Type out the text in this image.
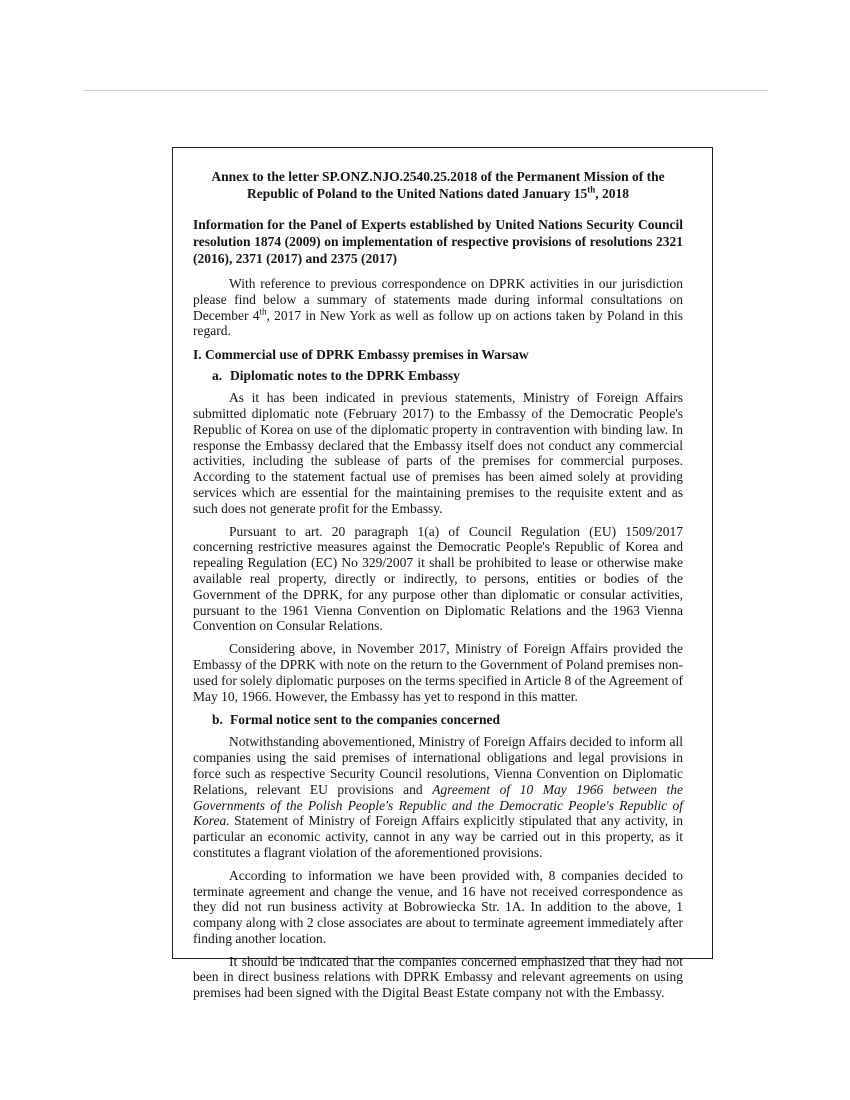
Annex to the letter SP.ONZ.NJO.2540.25.2018 of the Permanent Mission of the Republic of Poland to the United Nations dated January 15th, 2018
Information for the Panel of Experts established by United Nations Security Council resolution 1874 (2009) on implementation of respective provisions of resolutions 2321 (2016), 2371 (2017) and 2375 (2017)

With reference to previous correspondence on DPRK activities in our jurisdiction please find below a summary of statements made during informal consultations on December 4th, 2017 in New York as well as follow up on actions taken by Poland in this regard.

I. Commercial use of DPRK Embassy premises in Warsaw
a. Diplomatic notes to the DPRK Embassy

As it has been indicated in previous statements, Ministry of Foreign Affairs submitted diplomatic note (February 2017) to the Embassy of the Democratic People's Republic of Korea on use of the diplomatic property in contravention with binding law. In response the Embassy declared that the Embassy itself does not conduct any commercial activities, including the sublease of parts of the premises for commercial purposes. According to the statement factual use of premises has been aimed solely at providing services which are essential for the maintaining premises to the requisite extent and as such does not generate profit for the Embassy.

Pursuant to art. 20 paragraph 1(a) of Council Regulation (EU) 1509/2017 concerning restrictive measures against the Democratic People's Republic of Korea and repealing Regulation (EC) No 329/2007 it shall be prohibited to lease or otherwise make available real property, directly or indirectly, to persons, entities or bodies of the Government of the DPRK, for any purpose other than diplomatic or consular activities, pursuant to the 1961 Vienna Convention on Diplomatic Relations and the 1963 Vienna Convention on Consular Relations.

Considering above, in November 2017, Ministry of Foreign Affairs provided the Embassy of the DPRK with note on the return to the Government of Poland premises non-used for solely diplomatic purposes on the terms specified in Article 8 of the Agreement of May 10, 1966. However, the Embassy has yet to respond in this matter.

b. Formal notice sent to the companies concerned

Notwithstanding abovementioned, Ministry of Foreign Affairs decided to inform all companies using the said premises of international obligations and legal provisions in force such as respective Security Council resolutions, Vienna Convention on Diplomatic Relations, relevant EU provisions and Agreement of 10 May 1966 between the Governments of the Polish People's Republic and the Democratic People's Republic of Korea. Statement of Ministry of Foreign Affairs explicitly stipulated that any activity, in particular an economic activity, cannot in any way be carried out in this property, as it constitutes a flagrant violation of the aforementioned provisions.

According to information we have been provided with, 8 companies decided to terminate agreement and change the venue, and 16 have not received correspondence as they did not run business activity at Bobrowiecka Str. 1A. In addition to the above, 1 company along with 2 close associates are about to terminate agreement immediately after finding another location.

It should be indicated that the companies concerned emphasized that they had not been in direct business relations with DPRK Embassy and relevant agreements on using premises had been signed with the Digital Beast Estate company not with the Embassy.
